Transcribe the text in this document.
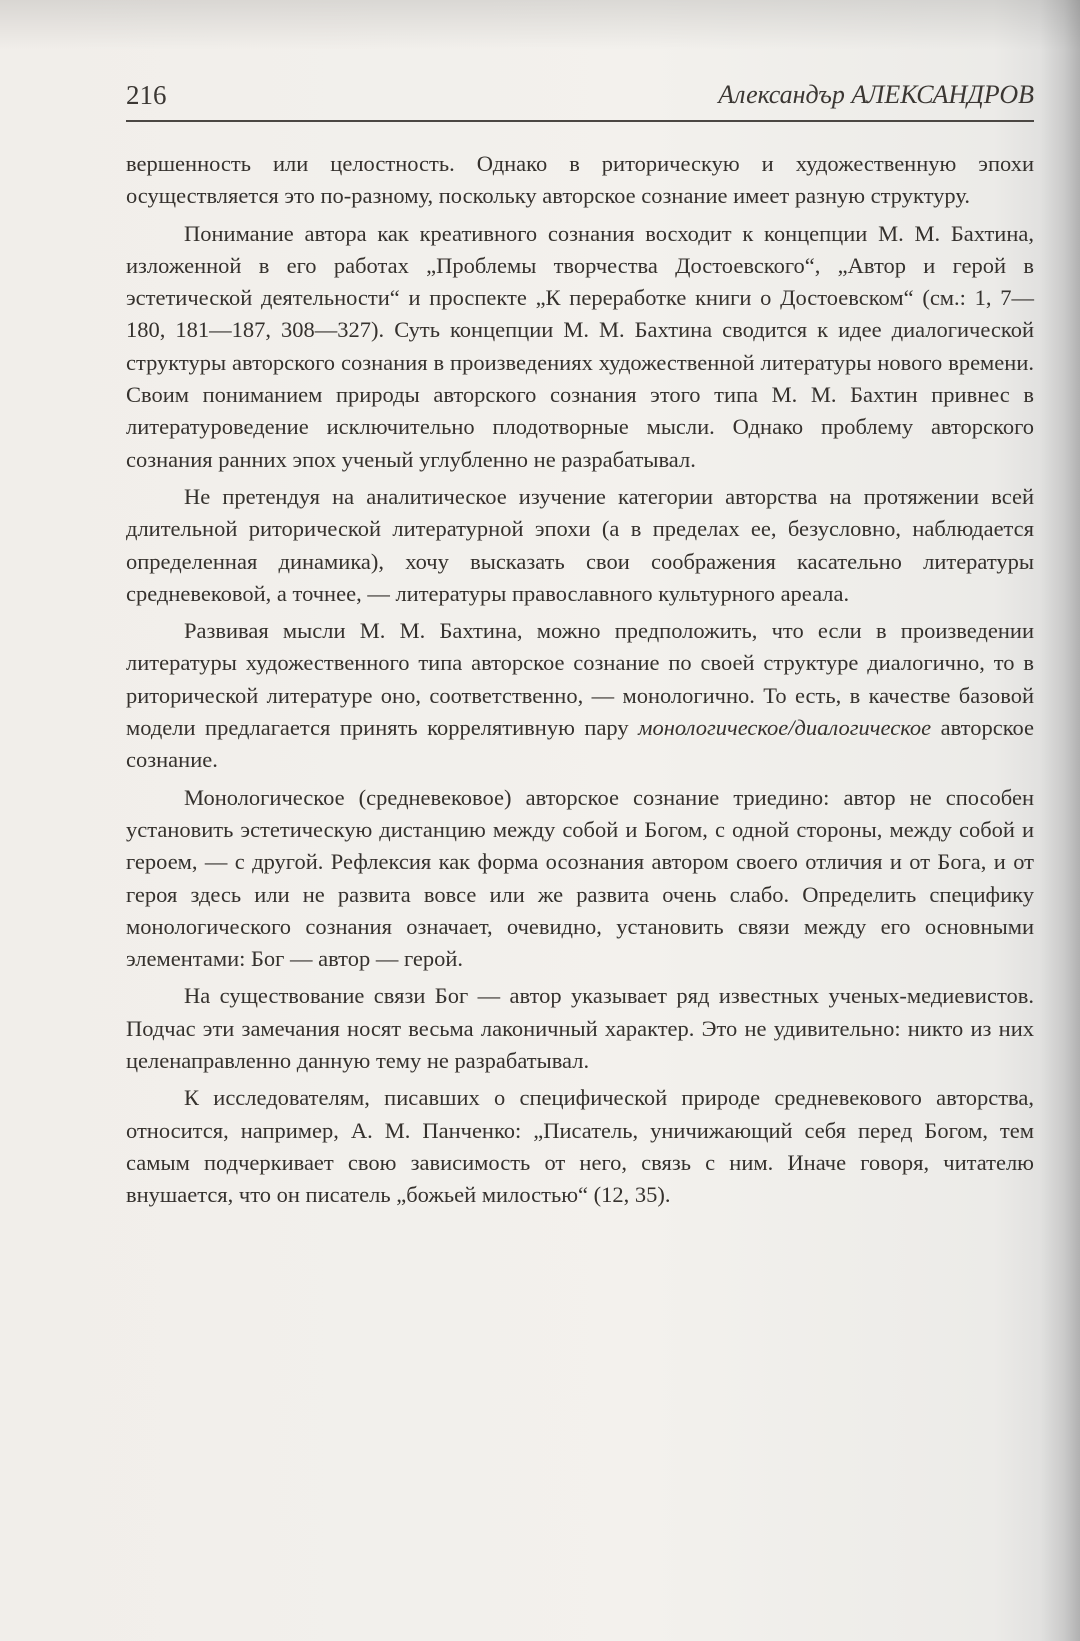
216	Александър АЛЕКСАНДРОВ

вершенность или целостность. Однако в риторическую и художественную эпохи осуществляется это по-разному, поскольку авторское сознание имеет разную структуру.

Понимание автора как креативного сознания восходит к концепции М. М. Бахтина, изложенной в его работах „Проблемы творчества Достоевского“, „Автор и герой в эстетической деятельности“ и проспекте „К переработке книги о Достоевском“ (см.: 1, 7—180, 181—187, 308—327). Суть концепции М. М. Бахтина сводится к идее диалогической структуры авторского сознания в произведениях художественной литературы нового времени. Своим пониманием природы авторского сознания этого типа М. М. Бахтин привнес в литературоведение исключительно плодотворные мысли. Однако проблему авторского сознания ранних эпох ученый углубленно не разрабатывал.

Не претендуя на аналитическое изучение категории авторства на протяжении всей длительной риторической литературной эпохи (а в пределах ее, безусловно, наблюдается определенная динамика), хочу высказать свои соображения касательно литературы средневековой, а точнее, — литературы православного культурного ареала.

Развивая мысли М. М. Бахтина, можно предположить, что если в произведении литературы художественного типа авторское сознание по своей структуре диалогично, то в риторической литературе оно, соответственно, — монологично. То есть, в качестве базовой модели предлагается принять коррелятивную пару монологическое/диалогическое авторское сознание.

Монологическое (средневековое) авторское сознание триедино: автор не способен установить эстетическую дистанцию между собой и Богом, с одной стороны, между собой и героем, — с другой. Рефлексия как форма осознания автором своего отличия и от Бога, и от героя здесь или не развита вовсе или же развита очень слабо. Определить специфику монологического сознания означает, очевидно, установить связи между его основными элементами: Бог — автор — герой.

На существование связи Бог — автор указывает ряд известных ученых-медиевистов. Подчас эти замечания носят весьма лаконичный характер. Это не удивительно: никто из них целенаправленно данную тему не разрабатывал.

К исследователям, писавших о специфической природе средневекового авторства, относится, например, А. М. Панченко: „Писатель, уничижающий себя перед Богом, тем самым подчеркивает свою зависимость от него, связь с ним. Иначе говоря, читателю внушается, что он писатель „божьей милостью“ (12, 35).
